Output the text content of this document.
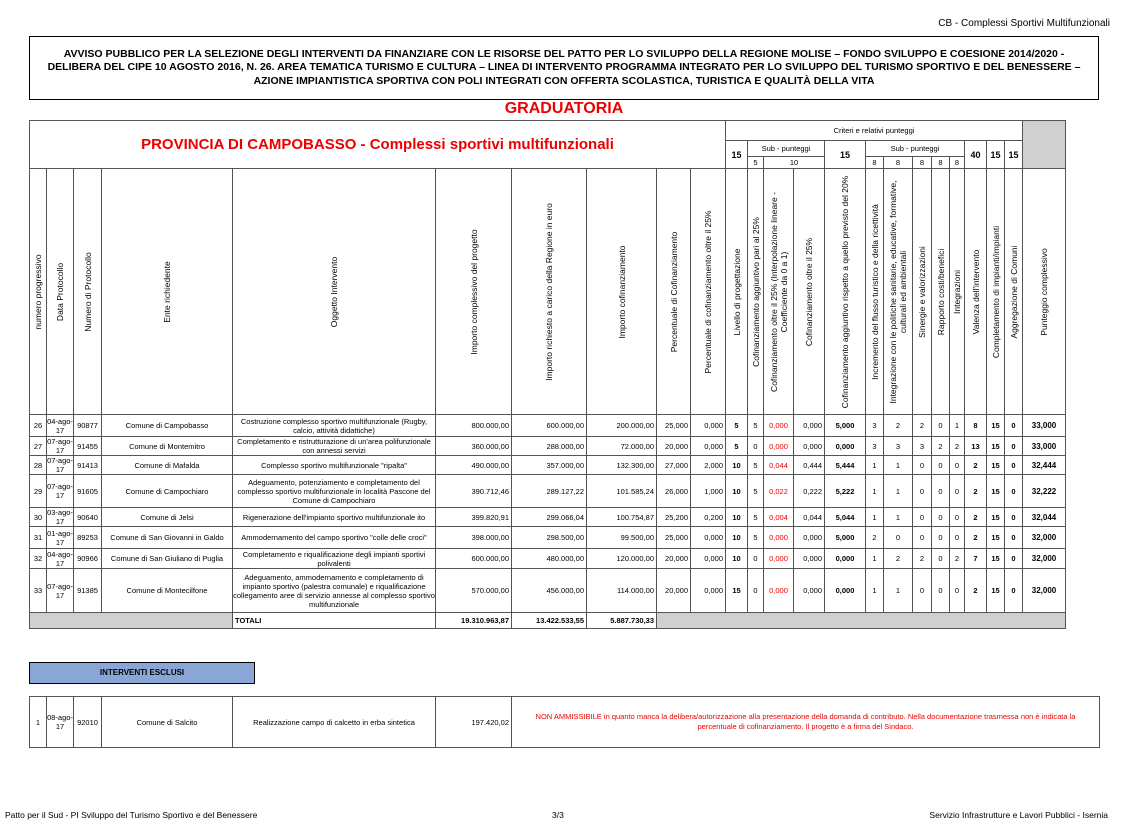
CB - Complessi Sportivi Multifunzionali
AVVISO PUBBLICO PER LA SELEZIONE DEGLI INTERVENTI DA FINANZIARE CON LE RISORSE DEL PATTO PER LO SVILUPPO DELLA REGIONE MOLISE – FONDO SVILUPPO E COESIONE 2014/2020 - DELIBERA DEL CIPE 10 AGOSTO 2016, N. 26. AREA TEMATICA TURISMO E CULTURA – LINEA DI INTERVENTO PROGRAMMA INTEGRATO PER LO SVILUPPO DEL TURISMO SPORTIVO E DEL BENESSERE – AZIONE IMPIANTISTICA SPORTIVA CON POLI INTEGRATI CON OFFERTA SCOLASTICA, TURISTICA E QUALITÀ DELLA VITA
GRADUATORIA
PROVINCIA DI CAMPOBASSO - Complessi sportivi multifunzionali										Criteri e relativi punteggi													
										15	Sub - punteggi			15	Sub - punteggi					40	15	15	
											5	10			8	8	8	8	8				

numero progressivo	Data Protocollo	Numero di Protocollo	Ente richiedente	Oggetto Intervento	Importo complessivo del progetto	Importo richiesto a carico della Regione in euro	Importo cofinanziamento	Percentuale di Cofinanziamento	Percentuale di cofinanziamento oltre il 25%	Livello di progettazione	Cofinanziamento aggiuntivo pari al 25%	Cofinanziamento oltre il 25% (Interpolazione lineare - Coefficiente da 0 a 1)	Cofinanziamento oltre il 25%	Cofinanziamento aggiuntivo rispetto a quello previsto del 20%	Incremento del flusso turistico e della ricettività	Integrazione con le politiche sanitarie, educative, formative, culturali ed ambientali	Sinergie e valorizzazioni	Rapporto costi/benefici	Integrazioni	Valenza dell'intervento	Completamento di impianti/impianti	Aggregazione di Comuni	Punteggio complessivo

26	04-ago-17	90877	Comune di Campobasso	Costruzione complesso sportivo multifunzionale (Rugby, calcio, attività didattiche)	800.000,00	600.000,00	200.000,00	25,000	0,000	5	5	0,000	0,000	5,000	3	2	2	0	1	8	15	0	33,000
27	07-ago-17	91455	Comune di Montemitro	Completamento e ristrutturazione di un'area polifunzionale con annessi servizi	360.000,00	288.000,00	72.000,00	20,000	0,000	5	0	0,000	0,000	0,000	3	3	3	2	2	13	15	0	33,000
28	07-ago-17	91413	Comune di Mafalda	Complesso sportivo multifunzionale "ripalta"	490.000,00	357.000,00	132.300,00	27,000	2,000	10	5	0,044	0,444	5,444	1	1	0	0	0	2	15	0	32,444
29	07-ago-17	91605	Comune di Campochiaro	Adeguamento, potenziamento e completamento del complesso sportivo multifunzionale in località Pascone del Comune di Campochiaro	390.712,46	289.127,22	101.585,24	26,000	1,000	10	5	0,022	0,222	5,222	1	1	0	0	0	2	15	0	32,222
30	03-ago-17	90640	Comune di Jelsi	Rigenerazione dell'impianto sportivo multifunzionale ito	399.820,91	299.066,04	100.754,87	25,200	0,200	10	5	0,004	0,044	5,044	1	1	0	0	0	2	15	0	32,044
31	01-ago-17	89253	Comune di San Giovanni in Galdo	Ammodernamento del campo sportivo "colle delle croci"	398.000,00	298.500,00	99.500,00	25,000	0,000	10	5	0,000	0,000	5,000	2	0	0	0	0	2	15	0	32,000
32	04-ago-17	90966	Comune di San Giuliano di Puglia	Completamento e riqualificazione degli impianti sportivi polivalenti	600.000,00	480.000,00	120.000,00	20,000	0,000	10	0	0,000	0,000	0,000	1	2	2	0	2	7	15	0	32,000
33	07-ago-17	91385	Comune di Montecilfone	Adeguamento, ammodernamento e completamento di impianto sportivo (palestra comunale) e riqualificazione collegamento aree di servizio annesse al complesso sportivo multifunzionale	570.000,00	456.000,00	114.000,00	20,000	0,000	15	0	0,000	0,000	0,000	1	1	0	0	0	2	15	0	32,000
				TOTALI	19.310.963,87	13.422.533,55	5.887.730,33																
INTERVENTI ESCLUSI
1	08-ago-17	92010	Comune di Salcito	Realizzazione campo di calcetto in erba sintetica	197.420,02	NON AMMISSIBILE in quanto manca la delibera/autorizzazione alla presentazione della domanda di contributo. Nella documentazione trasmessa non è indicata la percentuale di cofinanziamento. Il progetto è a firma del Sindaco.
Patto per il Sud - PI Sviluppo del Turismo Sportivo e del Benessere	3/3	Servizio Infrastrutture e Lavori Pubblici - Isernia
